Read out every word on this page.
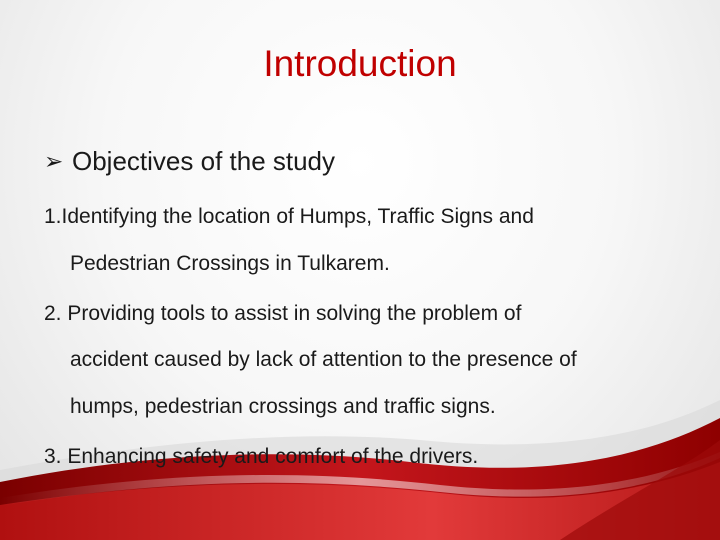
Introduction
➢ Objectives of the study
1.Identifying the location of Humps, Traffic Signs and
Pedestrian Crossings in Tulkarem.
2. Providing tools to assist in solving the problem of
accident caused by lack of attention to the presence of
humps, pedestrian crossings and traffic signs.
3. Enhancing safety and comfort of the drivers.
